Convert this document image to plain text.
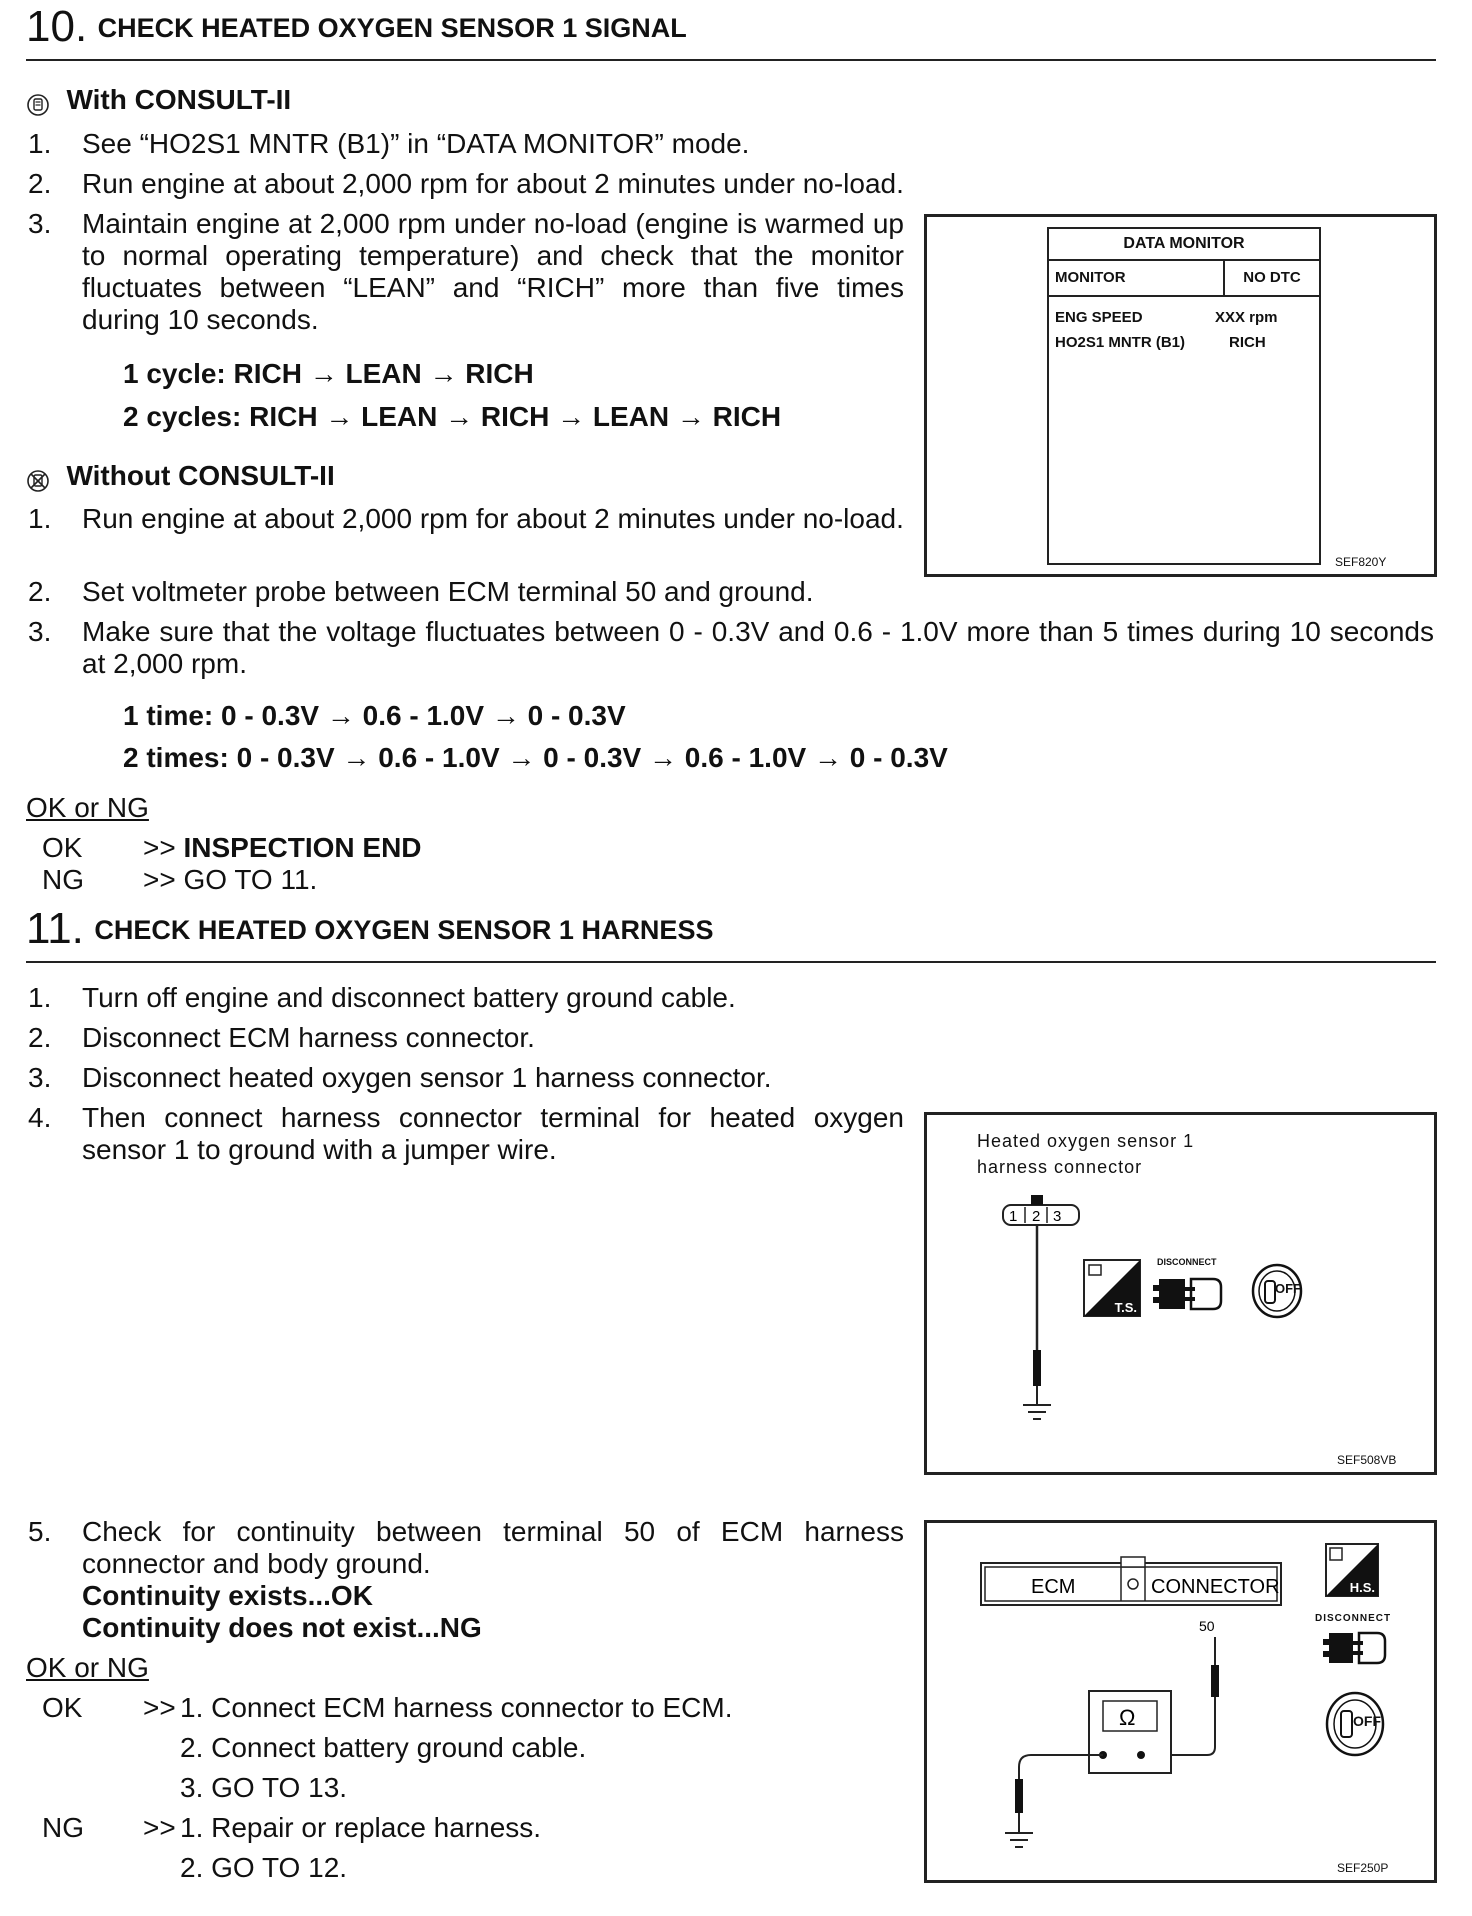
10. CHECK HEATED OXYGEN SENSOR 1 SIGNAL
With CONSULT-II
1. See “HO2S1 MNTR (B1)” in “DATA MONITOR” mode.
2. Run engine at about 2,000 rpm for about 2 minutes under no-load.
3. Maintain engine at 2,000 rpm under no-load (engine is warmed up to normal operating temperature) and check that the monitor fluctuates between “LEAN” and “RICH” more than five times during 10 seconds.
1 cycle: RICH → LEAN → RICH
2 cycles: RICH → LEAN → RICH → LEAN → RICH
Without CONSULT-II
1. Run engine at about 2,000 rpm for about 2 minutes under no-load.
2. Set voltmeter probe between ECM terminal 50 and ground.
3. Make sure that the voltage fluctuates between 0 - 0.3V and 0.6 - 1.0V more than 5 times during 10 seconds at 2,000 rpm.
1 time: 0 - 0.3V → 0.6 - 1.0V → 0 - 0.3V
2 times: 0 - 0.3V → 0.6 - 1.0V → 0 - 0.3V → 0.6 - 1.0V → 0 - 0.3V
OK or NG
OK >> INSPECTION END
NG >> GO TO 11.
DATA MONITOR
MONITOR	NO DTC
ENG SPEED	XXX rpm
HO2S1 MNTR (B1)	RICH
SEF820Y
11. CHECK HEATED OXYGEN SENSOR 1 HARNESS
1. Turn off engine and disconnect battery ground cable.
2. Disconnect ECM harness connector.
3. Disconnect heated oxygen sensor 1 harness connector.
4. Then connect harness connector terminal for heated oxygen sensor 1 to ground with a jumper wire.	Heated oxygen sensor 1
harness connector
1 2 3
T.S.
DISCONNECT
OFF
SEF508VB
5. Check for continuity between terminal 50 of ECM harness connector and body ground.
Continuity exists...OK
Continuity does not exist...NG
OK or NG
OK >> 1. Connect ECM harness connector to ECM.
2. Connect battery ground cable.
3. GO TO 13.
NG >> 1. Repair or replace harness.
2. GO TO 12.
ECM	CONNECTOR
50
Ω
H.S.
DISCONNECT
OFF
SEF250P
